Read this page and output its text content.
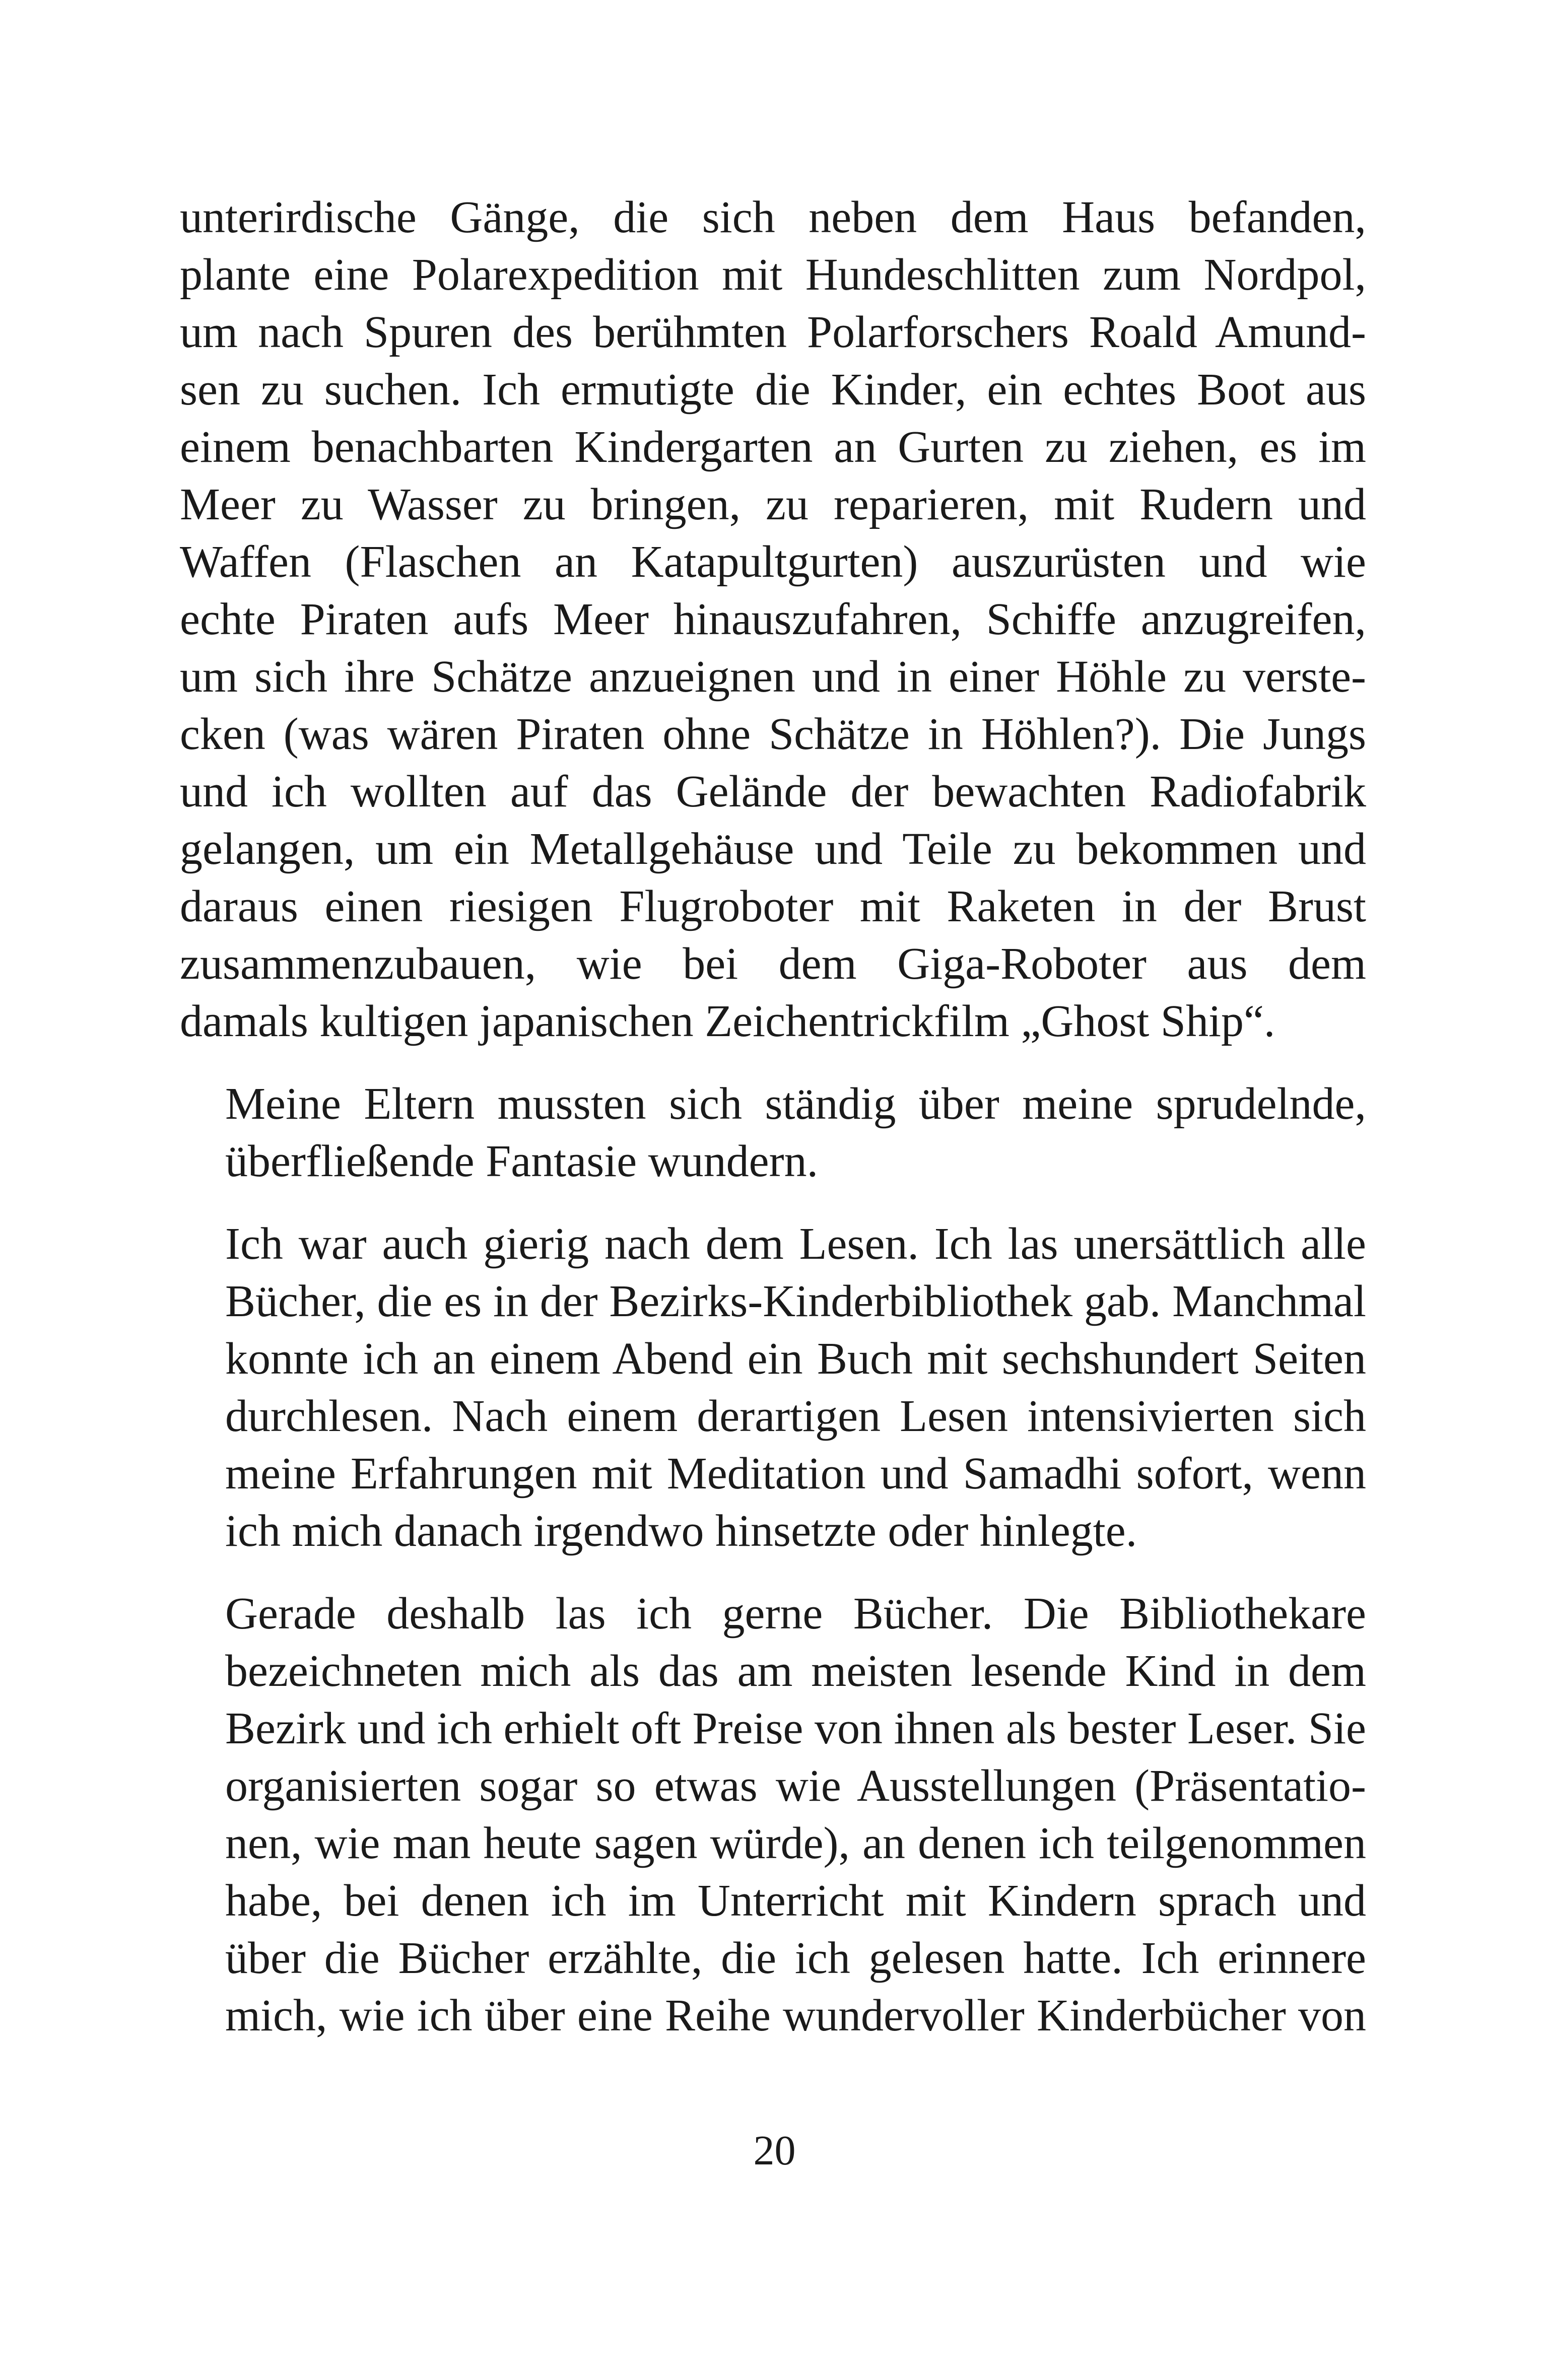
unterirdische Gänge, die sich neben dem Haus befanden,
plante eine Polarexpedition mit Hundeschlitten zum Nordpol,
um nach Spuren des berühmten Polarforschers Roald Amund-
sen zu suchen. Ich ermutigte die Kinder, ein echtes Boot aus
einem benachbarten Kindergarten an Gurten zu ziehen, es im
Meer zu Wasser zu bringen, zu reparieren, mit Rudern und
Waffen (Flaschen an Katapultgurten) auszurüsten und wie
echte Piraten aufs Meer hinauszufahren, Schiffe anzugreifen,
um sich ihre Schätze anzueignen und in einer Höhle zu verste-
cken (was wären Piraten ohne Schätze in Höhlen?). Die Jungs
und ich wollten auf das Gelände der bewachten Radiofabrik
gelangen, um ein Metallgehäuse und Teile zu bekommen und
daraus einen riesigen Flugroboter mit Raketen in der Brust
zusammenzubauen, wie bei dem Giga-Roboter aus dem
damals kultigen japanischen Zeichentrickfilm „Ghost Ship“.

Meine Eltern mussten sich ständig über meine sprudelnde,
überfließende Fantasie wundern.

Ich war auch gierig nach dem Lesen. Ich las unersättlich alle
Bücher, die es in der Bezirks-Kinderbibliothek gab. Manchmal
konnte ich an einem Abend ein Buch mit sechshundert Seiten
durchlesen. Nach einem derartigen Lesen intensivierten sich
meine Erfahrungen mit Meditation und Samadhi sofort, wenn
ich mich danach irgendwo hinsetzte oder hinlegte.

Gerade deshalb las ich gerne Bücher. Die Bibliothekare
bezeichneten mich als das am meisten lesende Kind in dem
Bezirk und ich erhielt oft Preise von ihnen als bester Leser. Sie
organisierten sogar so etwas wie Ausstellungen (Präsentatio-
nen, wie man heute sagen würde), an denen ich teilgenommen
habe, bei denen ich im Unterricht mit Kindern sprach und
über die Bücher erzählte, die ich gelesen hatte. Ich erinnere
mich, wie ich über eine Reihe wundervoller Kinderbücher von

20
